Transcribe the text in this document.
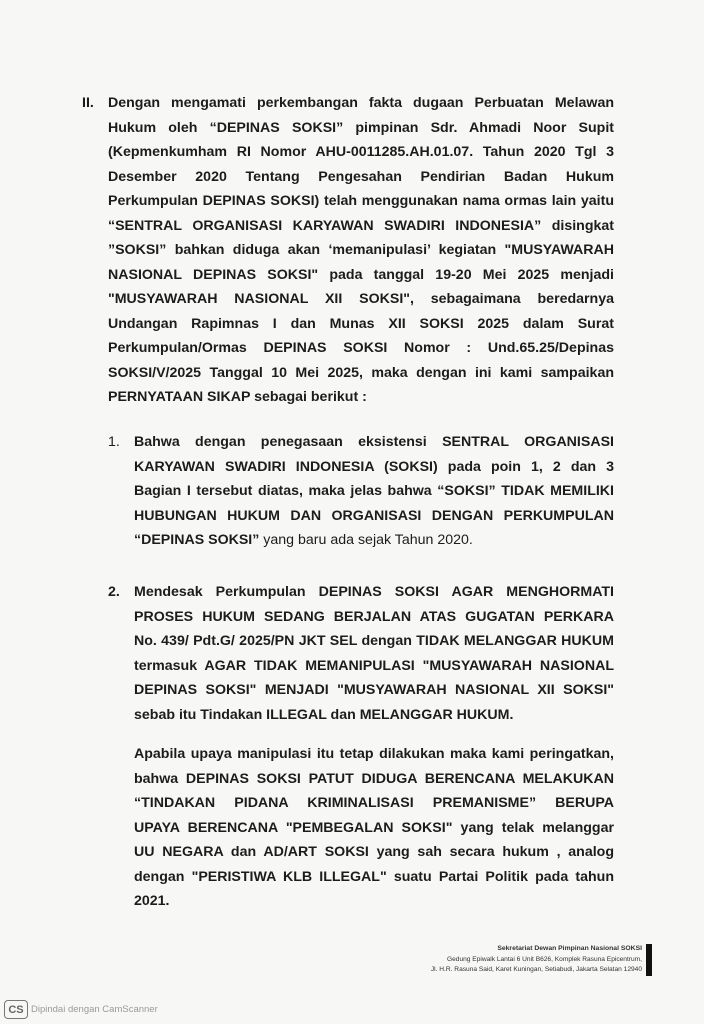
II. Dengan mengamati perkembangan fakta dugaan Perbuatan Melawan
Hukum oleh “DEPINAS SOKSI” pimpinan Sdr. Ahmadi Noor Supit
(Kepmenkumham RI Nomor AHU-0011285.AH.01.07. Tahun 2020 Tgl 3
Desember 2020 Tentang Pengesahan Pendirian Badan Hukum
Perkumpulan DEPINAS SOKSI) telah menggunakan nama ormas lain yaitu
“SENTRAL ORGANISASI KARYAWAN SWADIRI INDONESIA” disingkat
”SOKSI” bahkan diduga akan ‘memanipulasi’ kegiatan "MUSYAWARAH
NASIONAL DEPINAS SOKSI" pada tanggal 19-20 Mei 2025 menjadi
"MUSYAWARAH NASIONAL XII SOKSI", sebagaimana beredarnya
Undangan Rapimnas I dan Munas XII SOKSI 2025 dalam Surat
Perkumpulan/Ormas DEPINAS SOKSI Nomor : Und.65.25/Depinas
SOKSI/V/2025 Tanggal 10 Mei 2025, maka dengan ini kami sampaikan
PERNYATAAN SIKAP sebagai berikut :
1. Bahwa dengan penegasaan eksistensi SENTRAL ORGANISASI
KARYAWAN SWADIRI INDONESIA (SOKSI) pada poin 1, 2 dan 3
Bagian I tersebut diatas, maka jelas bahwa “SOKSI” TIDAK MEMILIKI
HUBUNGAN HUKUM DAN ORGANISASI DENGAN PERKUMPULAN
“DEPINAS SOKSI” yang baru ada sejak Tahun 2020.
2. Mendesak Perkumpulan DEPINAS SOKSI AGAR MENGHORMATI
PROSES HUKUM SEDANG BERJALAN ATAS GUGATAN PERKARA
No. 439/ Pdt.G/ 2025/PN JKT SEL dengan TIDAK MELANGGAR HUKUM
termasuk AGAR TIDAK MEMANIPULASI "MUSYAWARAH NASIONAL
DEPINAS SOKSI" MENJADI "MUSYAWARAH NASIONAL XII SOKSI"
sebab itu Tindakan ILLEGAL dan MELANGGAR HUKUM.
Apabila upaya manipulasi itu tetap dilakukan maka kami peringatkan,
bahwa DEPINAS SOKSI PATUT DIDUGA BERENCANA MELAKUKAN
“TINDAKAN PIDANA KRIMINALISASI PREMANISME” BERUPA
UPAYA BERENCANA "PEMBEGALAN SOKSI" yang telak melanggar
UU NEGARA dan AD/ART SOKSI yang sah secara hukum , analog
dengan "PERISTIWA KLB ILLEGAL" suatu Partai Politik pada tahun
2021.
Sekretariat Dewan Pimpinan Nasional SOKSI
Gedung Epiwalk Lantai 6 Unit B626, Komplek Rasuna Epicentrum,
Jl. H.R. Rasuna Said, Karet Kuningan, Setiabudi, Jakarta Selatan 12940
CS Dipindai dengan CamScanner
